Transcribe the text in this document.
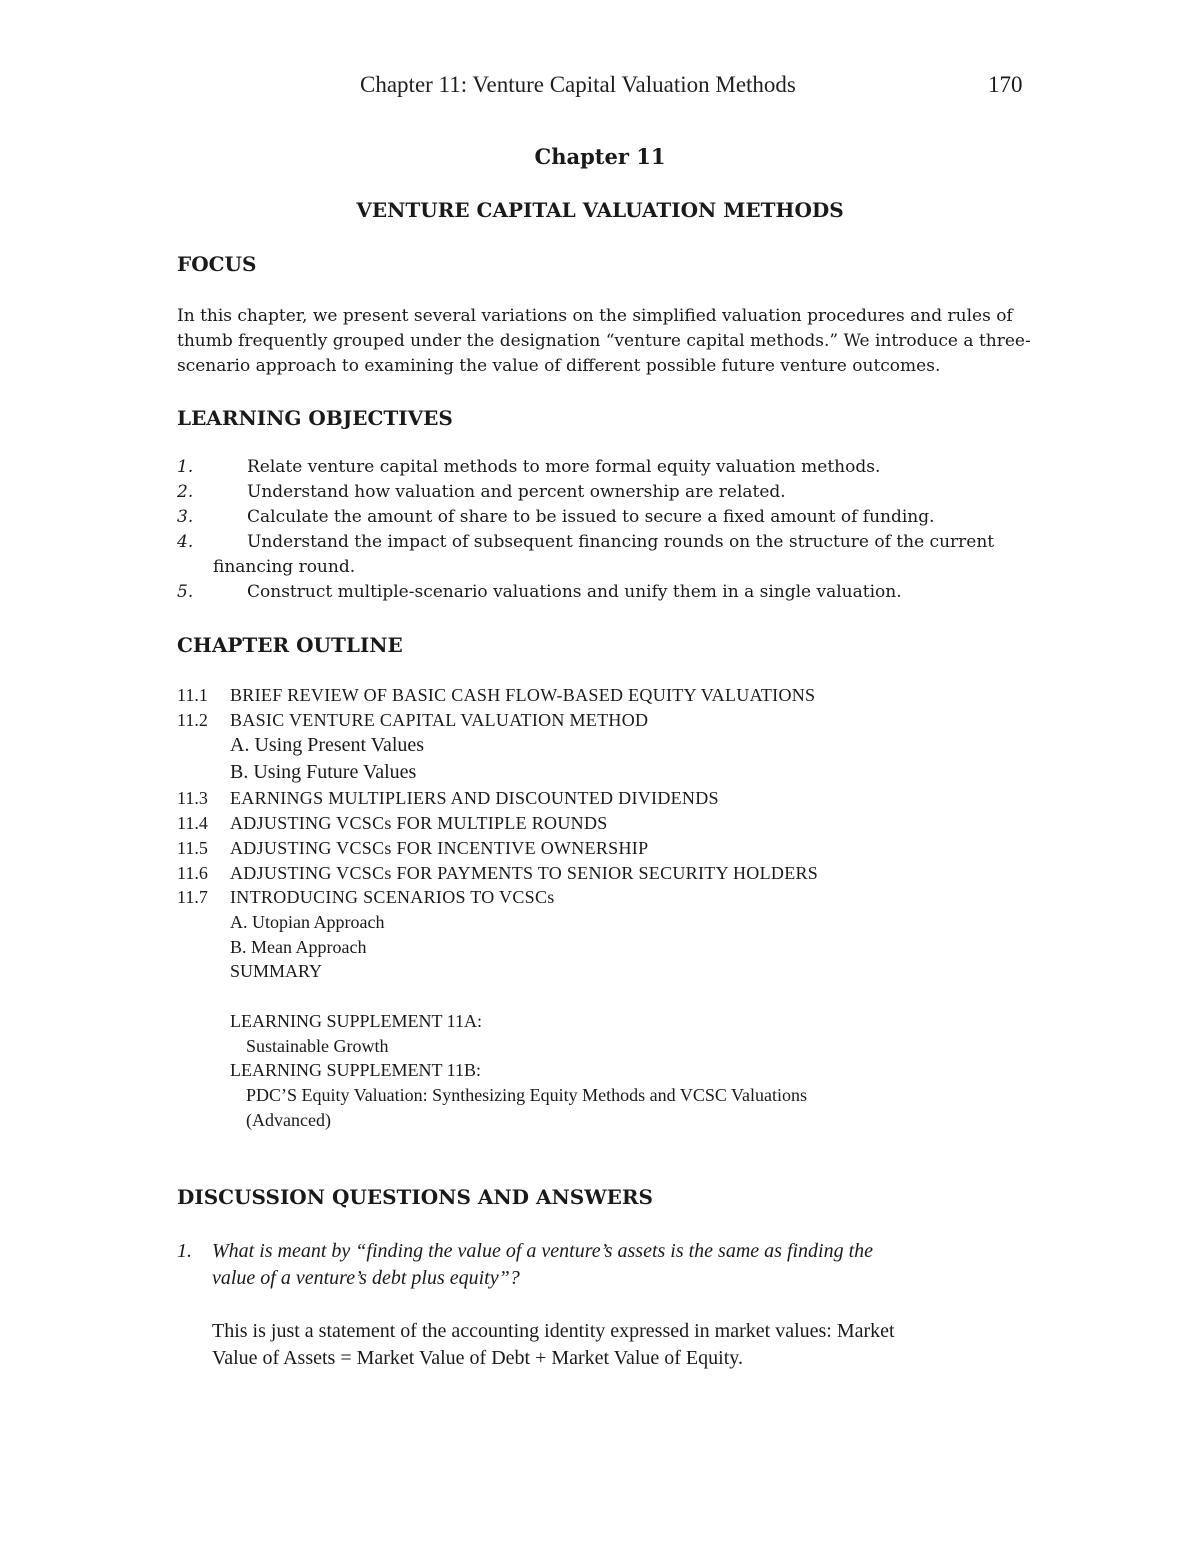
Chapter 11: Venture Capital Valuation Methods	170
Chapter 11
VENTURE CAPITAL VALUATION METHODS
FOCUS
In this chapter, we present several variations on the simplified valuation procedures and rules of
thumb frequently grouped under the designation “venture capital methods.” We introduce a three-
scenario approach to examining the value of different possible future venture outcomes.
LEARNING OBJECTIVES
1.	Relate venture capital methods to more formal equity valuation methods.
2.	Understand how valuation and percent ownership are related.
3.	Calculate the amount of share to be issued to secure a fixed amount of funding.
4.	Understand the impact of subsequent financing rounds on the structure of the current
financing round.
5.	Construct multiple-scenario valuations and unify them in a single valuation.
CHAPTER OUTLINE
11.1 BRIEF REVIEW OF BASIC CASH FLOW-BASED EQUITY VALUATIONS
11.2 BASIC VENTURE CAPITAL VALUATION METHOD
A. Using Present Values
B. Using Future Values
11.3 EARNINGS MULTIPLIERS AND DISCOUNTED DIVIDENDS
11.4 ADJUSTING VCSCs FOR MULTIPLE ROUNDS
11.5 ADJUSTING VCSCs FOR INCENTIVE OWNERSHIP
11.6 ADJUSTING VCSCs FOR PAYMENTS TO SENIOR SECURITY HOLDERS
11.7 INTRODUCING SCENARIOS TO VCSCs
A. Utopian Approach
B. Mean Approach
SUMMARY
LEARNING SUPPLEMENT 11A:
Sustainable Growth
LEARNING SUPPLEMENT 11B:
PDC’S Equity Valuation: Synthesizing Equity Methods and VCSC Valuations
(Advanced)
DISCUSSION QUESTIONS AND ANSWERS
1. What is meant by “finding the value of a venture’s assets is the same as finding the
value of a venture’s debt plus equity”?
This is just a statement of the accounting identity expressed in market values: Market
Value of Assets = Market Value of Debt + Market Value of Equity.
